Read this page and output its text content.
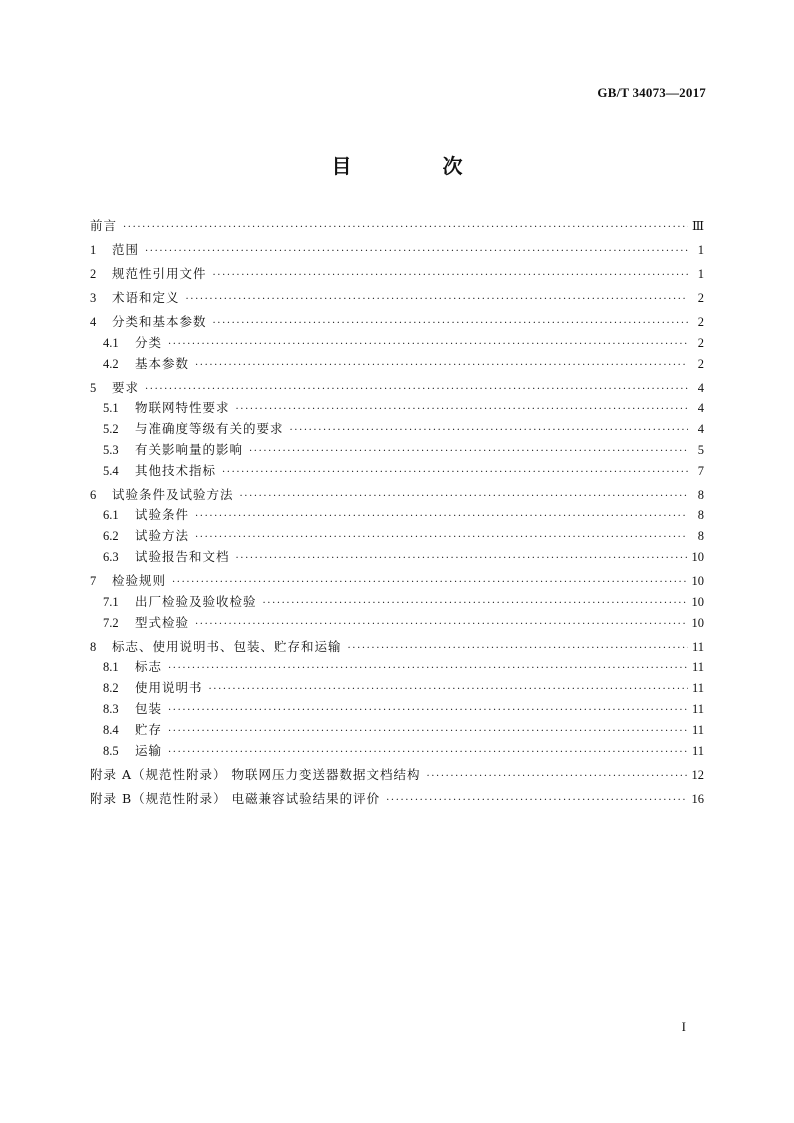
GB/T 34073—2017
目 次
前言 ·····	Ⅲ
1	范围 ·····	1
2	规范性引用文件 ·····	1
3	术语和定义 ·····	2
4	分类和基本参数 ·····	2
4.1	分类 ·····	2
4.2	基本参数 ·····	2
5	要求 ·····	4
5.1	物联网特性要求 ·····	4
5.2	与准确度等级有关的要求 ·····	4
5.3	有关影响量的影响 ·····	5
5.4	其他技术指标 ·····	7
6	试验条件及试验方法 ·····	8
6.1	试验条件 ·····	8
6.2	试验方法 ·····	8
6.3	试验报告和文档 ·····	10
7	检验规则 ·····	10
7.1	出厂检验及验收检验 ·····	10
7.2	型式检验 ·····	10
8	标志、使用说明书、包装、贮存和运输 ·····	11
8.1	标志 ·····	11
8.2	使用说明书 ·····	11
8.3	包装 ·····	11
8.4	贮存 ·····	11
8.5	运输 ·····	11
附录 A（规范性附录） 物联网压力变送器数据文档结构 ·····	12
附录 B（规范性附录） 电磁兼容试验结果的评价 ·····	16
I
